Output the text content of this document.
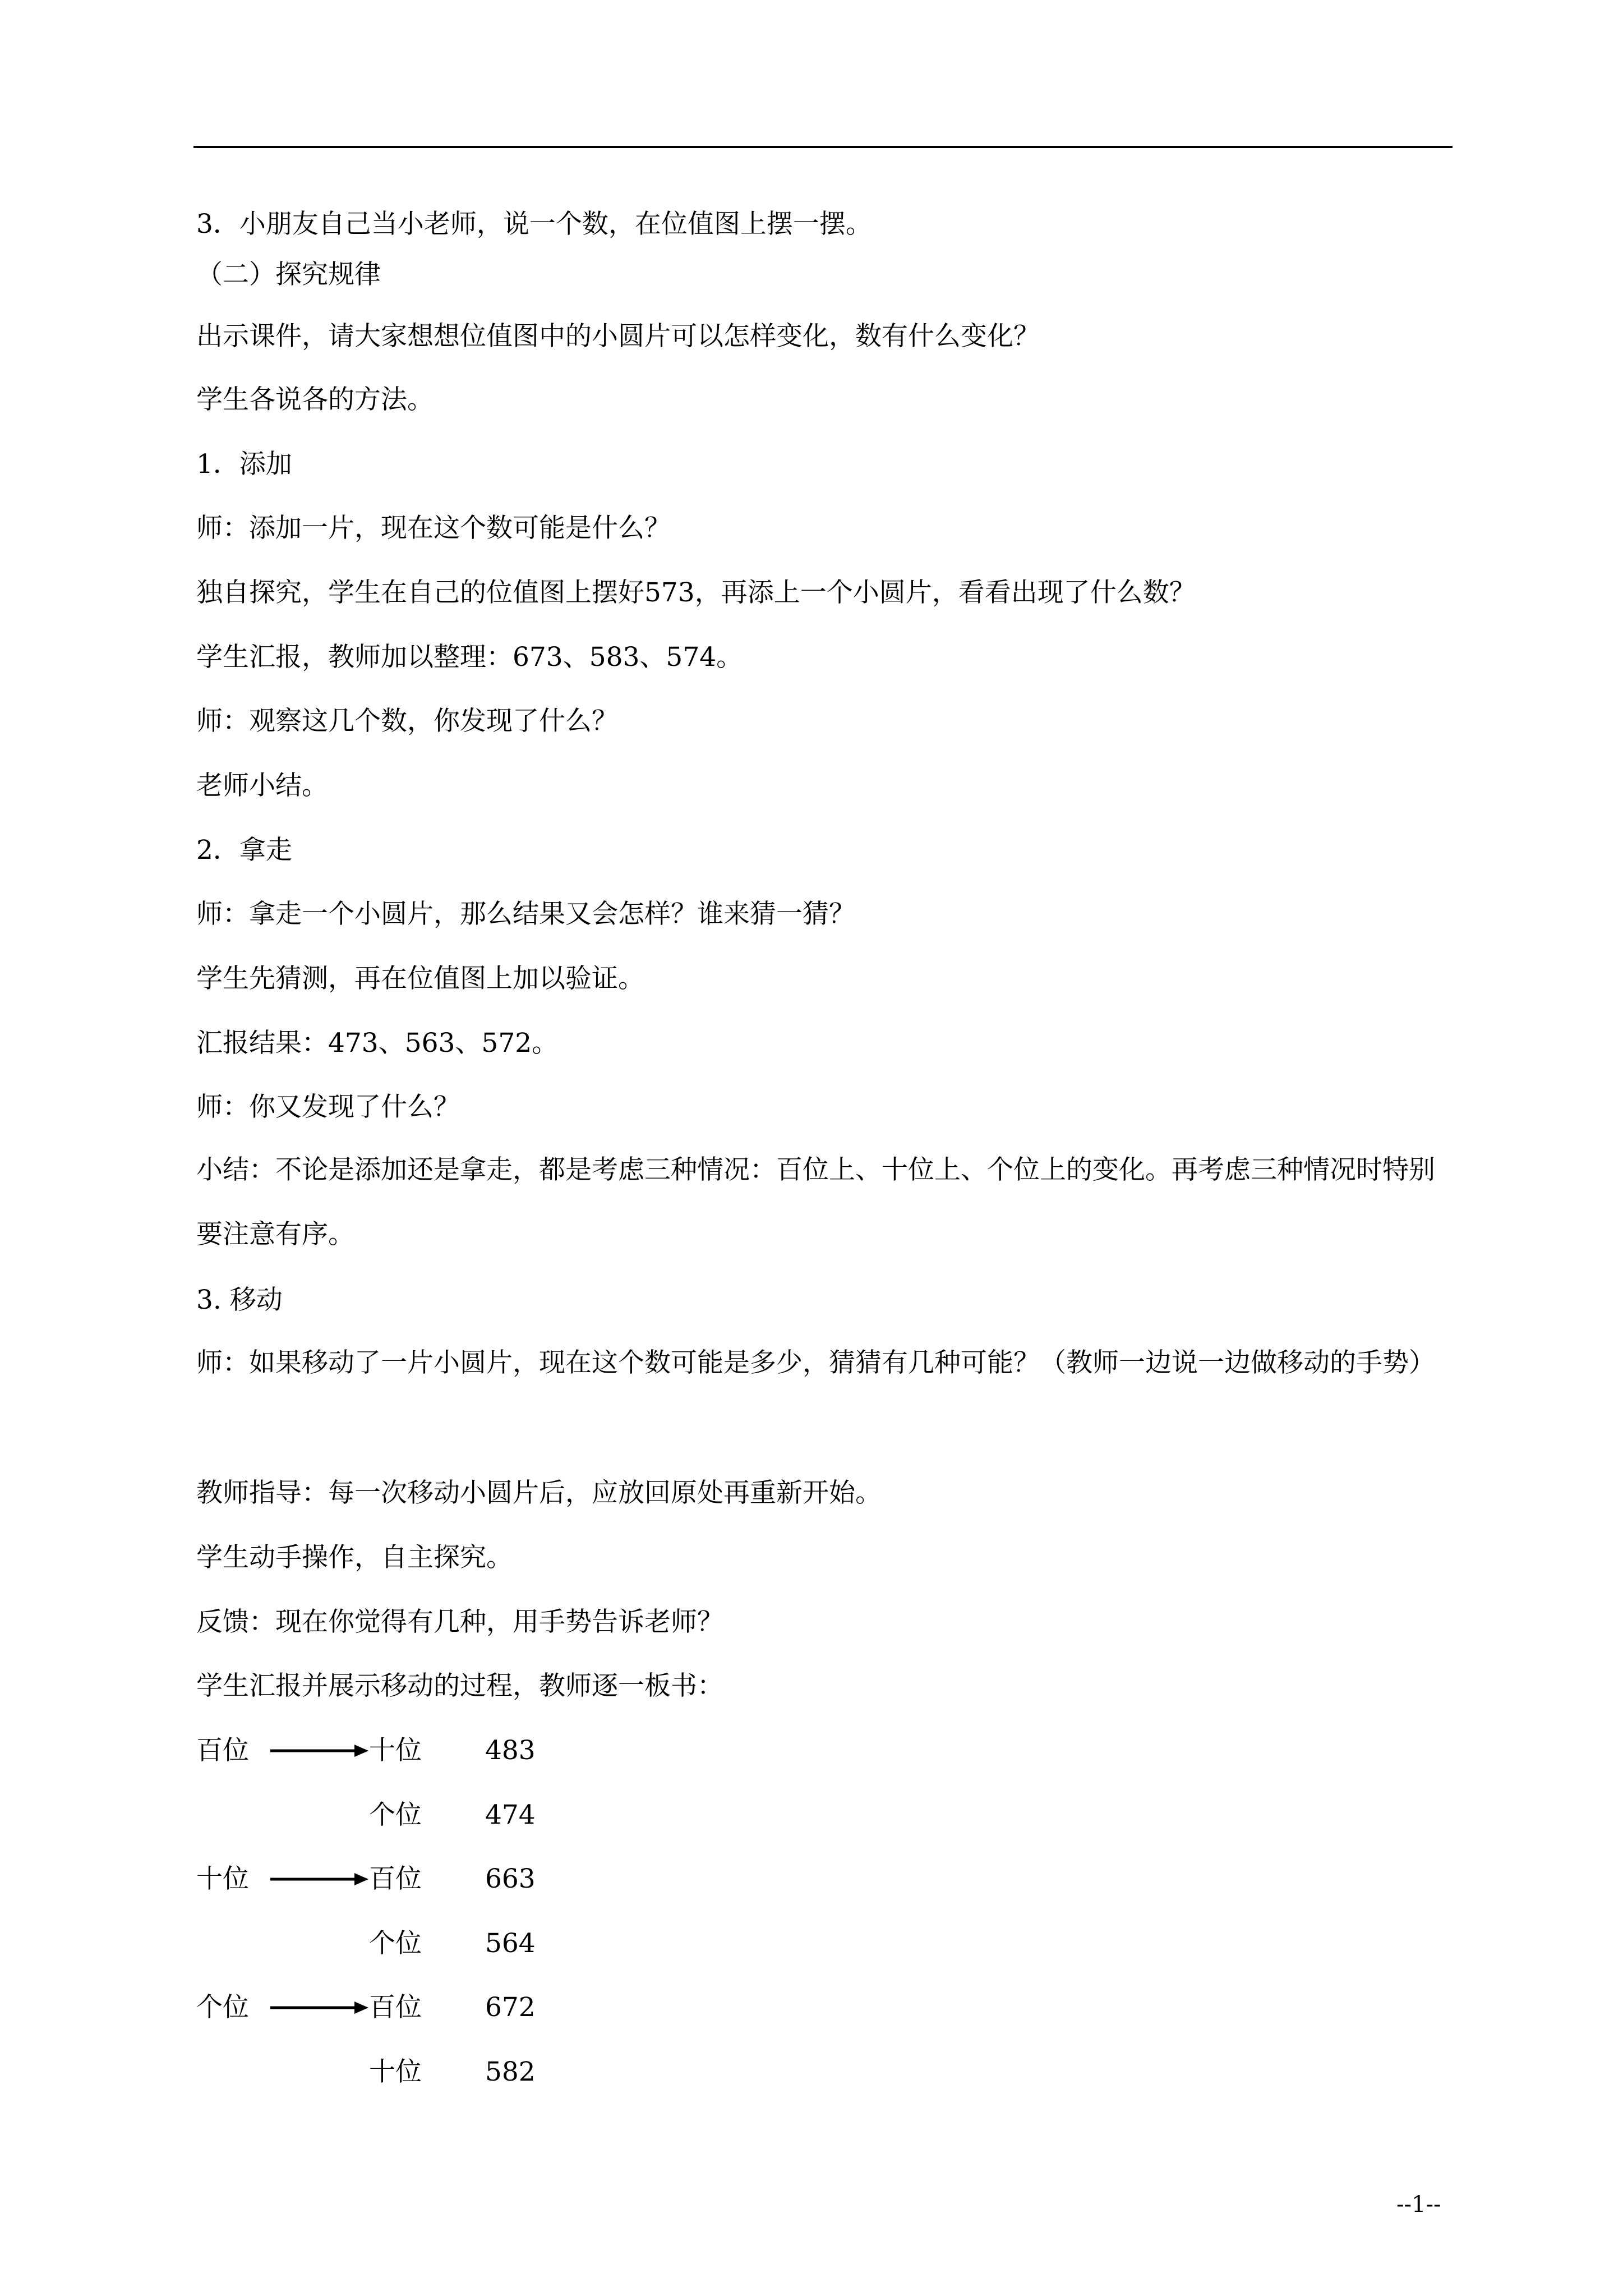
3．小朋友自己当小老师，说一个数，在位值图上摆一摆。
（二）探究规律
出示课件，请大家想想位值图中的小圆片可以怎样变化，数有什么变化？
学生各说各的方法。
1．添加
师：添加一片，现在这个数可能是什么？
独自探究，学生在自己的位值图上摆好573，再添上一个小圆片，看看出现了什么数？
学生汇报，教师加以整理：673、583、574。
师：观察这几个数，你发现了什么？
老师小结。
2．拿走
师：拿走一个小圆片，那么结果又会怎样？谁来猜一猜？
学生先猜测，再在位值图上加以验证。
汇报结果：473、563、572。
师：你又发现了什么？
小结：不论是添加还是拿走，都是考虑三种情况：百位上、十位上、个位上的变化。再考虑三种情况时特别要注意有序。
3. 移动
师：如果移动了一片小圆片，现在这个数可能是多少，猜猜有几种可能？（教师一边说一边做移动的手势）
教师指导：每一次移动小圆片后，应放回原处再重新开始。
学生动手操作，自主探究。
反馈：现在你觉得有几种，用手势告诉老师？
学生汇报并展示移动的过程，教师逐一板书：
百位	十位 483
个位 474
十位	百位 663
个位 564
个位	百位 672
十位 582
--1--
